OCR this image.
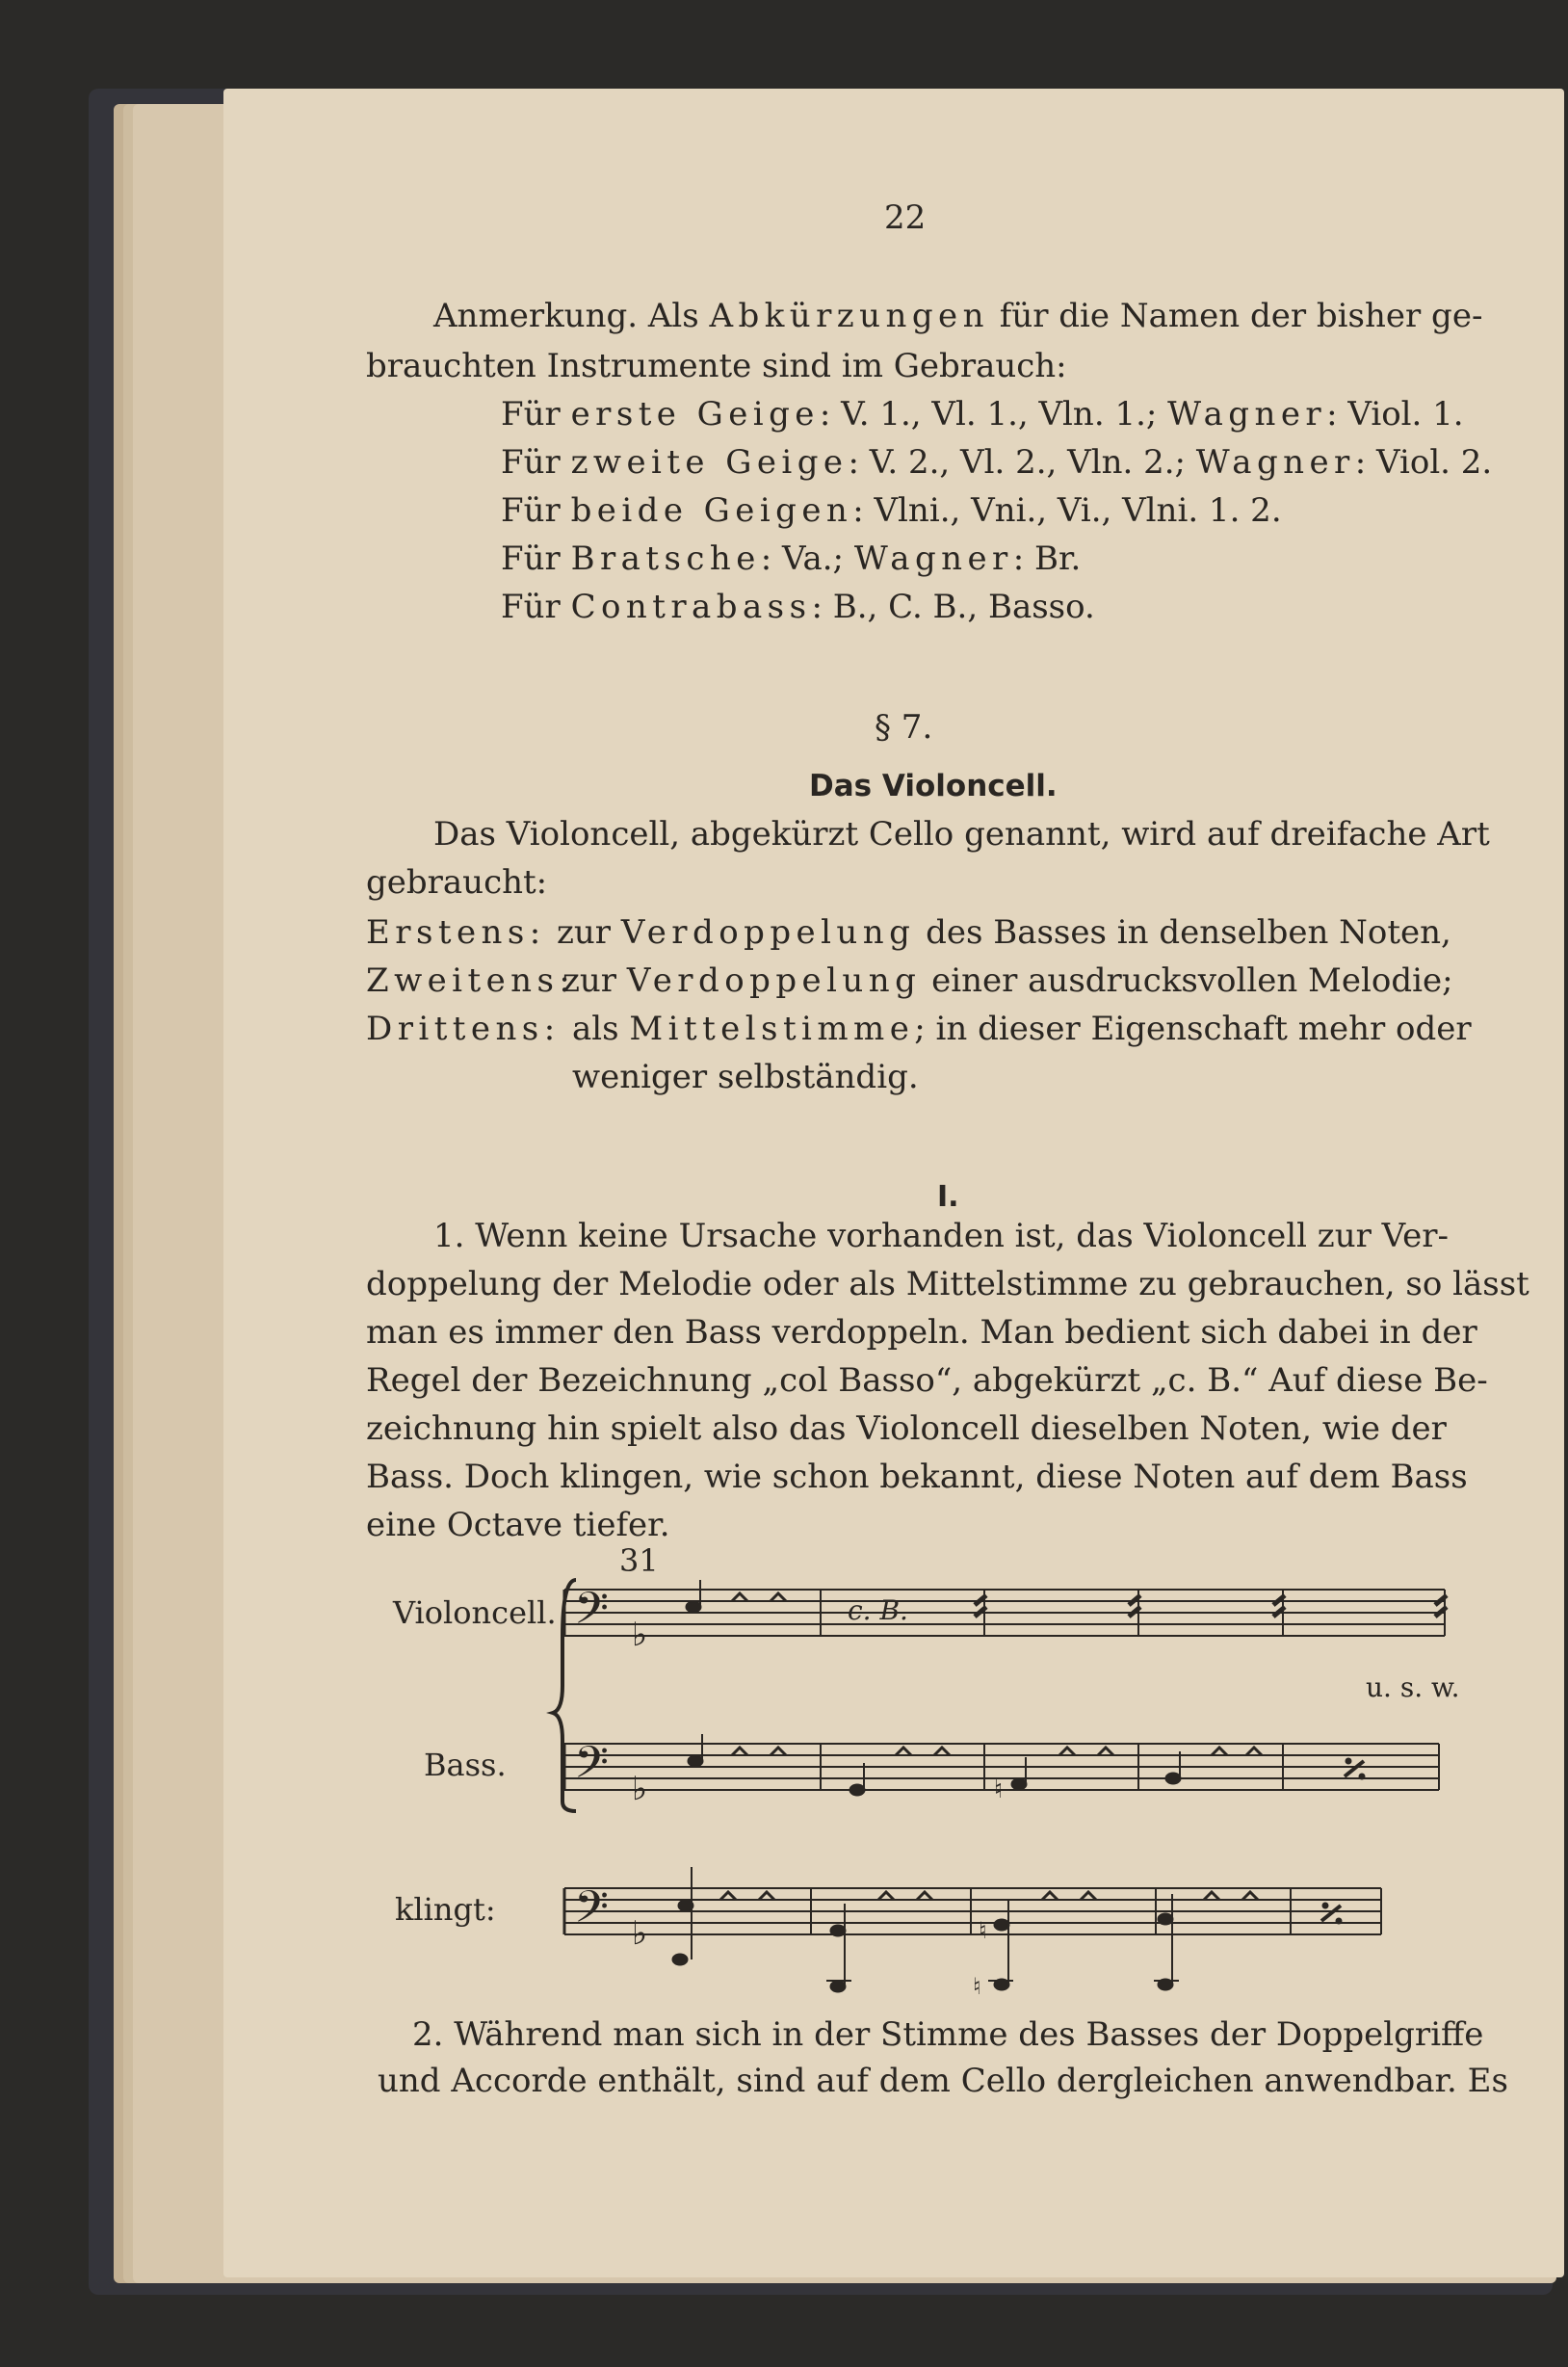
22
Anmerkung. Als Abkürzungen für die Namen der bisher ge-
brauchten Instrumente sind im Gebrauch:
Für erste Geige: V. 1., Vl. 1., Vln. 1.; Wagner: Viol. 1.
Für zweite Geige: V. 2., Vl. 2., Vln. 2.; Wagner: Viol. 2.
Für beide Geigen: Vlni., Vni., Vi., Vlni. 1. 2.
Für Bratsche: Va.; Wagner: Br.
Für Contrabass: B., C. B., Basso.
§ 7.
Das Violoncell.
Das Violoncell, abgekürzt Cello genannt, wird auf dreifache Art
gebraucht:
Erstens: zur Verdoppelung des Basses in denselben Noten,
Zweitens:
zur Verdoppelung einer ausdrucksvollen Melodie;
Drittens: als Mittelstimme; in dieser Eigenschaft mehr oder
weniger selbständig.
I.
1. Wenn keine Ursache vorhanden ist, das Violoncell zur Ver-
doppelung der Melodie oder als Mittelstimme zu gebrauchen, so lässt
man es immer den Bass verdoppeln. Man bedient sich dabei in der
Regel der Bezeichnung „col Basso“, abgekürzt „c. B.“ Auf diese Be-
zeichnung hin spielt also das Violoncell dieselben Noten, wie der
Bass. Doch klingen, wie schon bekannt, diese Noten auf dem Bass
eine Octave tiefer.
31
Violoncell.
Bass.
klingt:
c. B.
u. s. w.
𝄢 ♭
𝄢 ♭	♮
𝄢 ♭	♮
♮
2. Während man sich in der Stimme des Basses der Doppelgriffe
und Accorde enthält, sind auf dem Cello dergleichen anwendbar. Es
